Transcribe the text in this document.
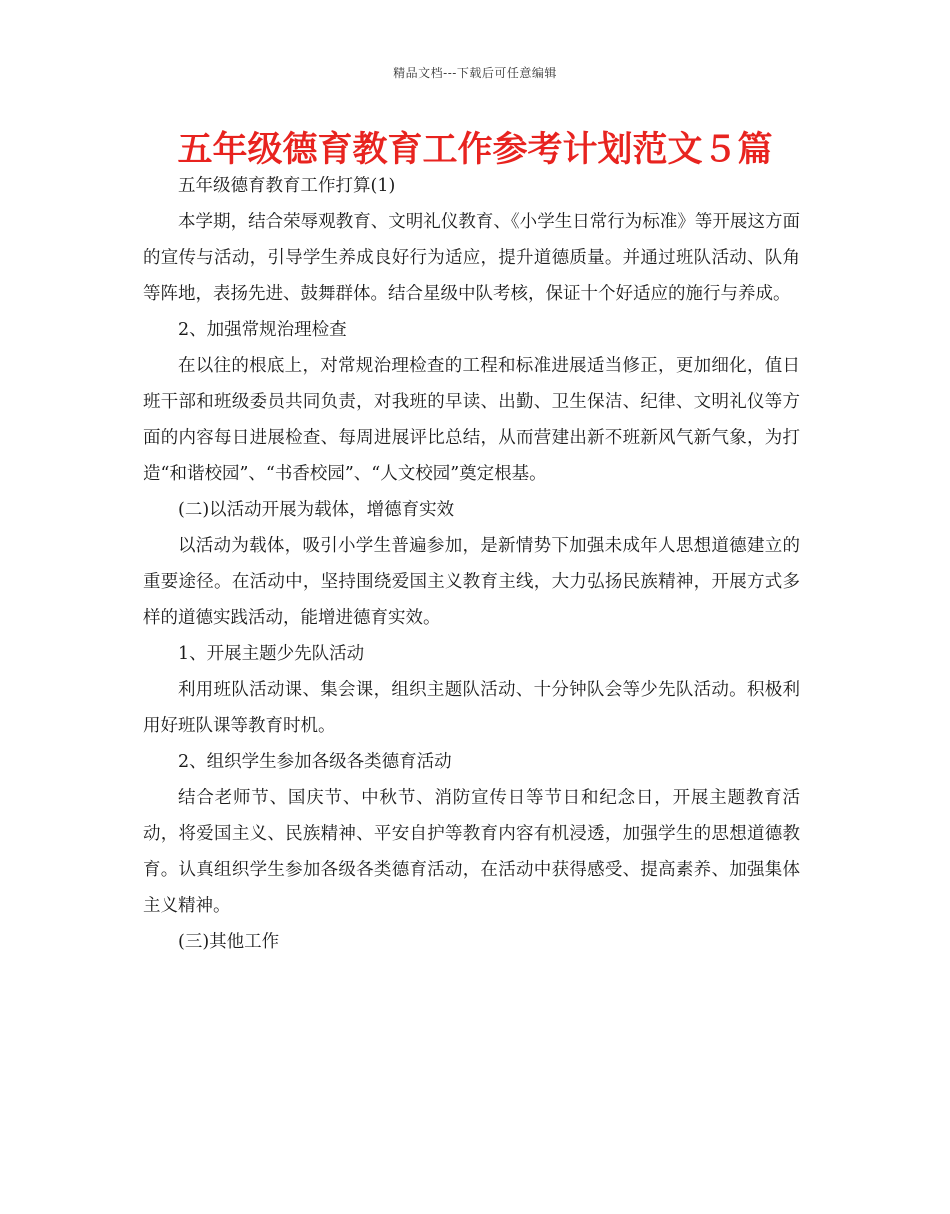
精品文档---下载后可任意编辑
五年级德育教育工作参考计划范文５篇

五年级德育教育工作打算(1)

本学期，结合荣辱观教育、文明礼仪教育、《小学生日常行为标准》等开展这方面的宣传与活动，引导学生养成良好行为适应，提升道德质量。并通过班队活动、队角等阵地，表扬先进、鼓舞群体。结合星级中队考核，保证十个好适应的施行与养成。

2、加强常规治理检查

在以往的根底上，对常规治理检查的工程和标准进展适当修正，更加细化，值日班干部和班级委员共同负责，对我班的早读、出勤、卫生保洁、纪律、文明礼仪等方面的内容每日进展检查、每周进展评比总结，从而营建出新不班新风气新气象，为打造“和谐校园”、“书香校园”、“人文校园”奠定根基。

(二)以活动开展为载体，增德育实效

以活动为载体，吸引小学生普遍参加，是新情势下加强未成年人思想道德建立的重要途径。在活动中，坚持围绕爱国主义教育主线，大力弘扬民族精神，开展方式多样的道德实践活动，能增进德育实效。

1、开展主题少先队活动

利用班队活动课、集会课，组织主题队活动、十分钟队会等少先队活动。积极利用好班队课等教育时机。

2、组织学生参加各级各类德育活动

结合老师节、国庆节、中秋节、消防宣传日等节日和纪念日，开展主题教育活动，将爱国主义、民族精神、平安自护等教育内容有机浸透，加强学生的思想道德教育。认真组织学生参加各级各类德育活动，在活动中获得感受、提高素养、加强集体主义精神。

(三)其他工作
